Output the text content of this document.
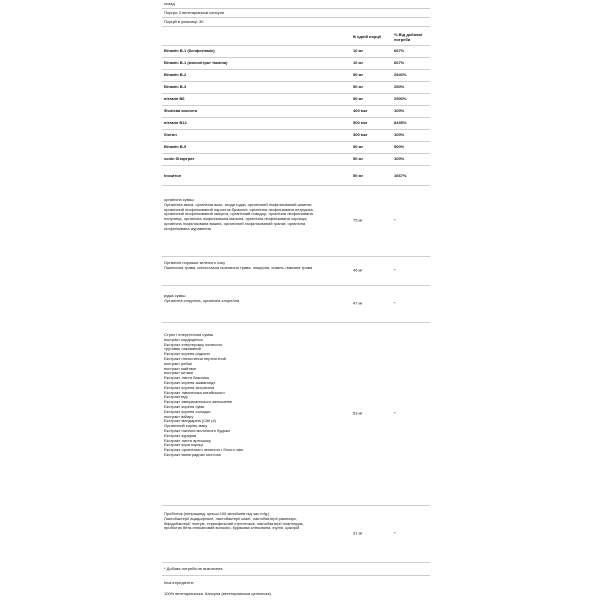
склад
Порція: 2 вегетаріанські капсули
Порцій в упаковці: 30
В одній порції	% Від добової потреби
Вітамін B-1 (бенфотіамін)	10 мг	667%
Вітамін B-1 (мононітрат тіаміна)	10 мг	667%
Вітамін B-2	50 мг	2940%
Вітамін B-3	50 мг	250%
вітамін B6	50 мг	2500%
Фолієва кислота	400 мкг	100%
вітамін B12	500 мкг	8335%
біотин	300 мкг	100%
Вітамін B-5	50 мг	500%
холін бітартрат	50 мг	100%
Інозитол	50 мг	1667%
органічна суміш
Органічна амла, органічна акас, ягоди годжі, органічний ліофілізований шпинат,
органічний ліофілізований паросток брокколі, органічна ліофілізована петрушка,
органічний ліофілізований капуста, органічний помідор, органічна ліофілізована
полуниця, органічна ліофілізована малина, органічна ліофілізована чорниця,
органічна ліофілізована вишня, органічний ліофілізований гранат, органічна
ліофілізована журавлина
75 мг	*
Органічні порошки зеленого соку
Пшенична трава, спічестаьна пшенична трава, люцерна, ячмінь і вівсяна трава
46 мг	*
рідка суміш
Органічна спіруліна, органічна хлорелла
47 мг	*
Стрес і енергетична суміш
екстракт кордицепса
Екстракт елеутерокку колючого
трутовик лакований
Екстракт кореня родіоли
Екстракт гінкостинии пертлістной
екстракт рейші
екстракт майтаке
екстракт шітаке
Екстракт листя базиліка
Екстракт кореня ашвагандх
Екстракт кореня астрагала
Екстракт лимонника китайського
Екстракттеді
Екстракт американського женьшеню
Екстракт кореня суми
Екстракт кореня солодки
екстракт імбиру
Екстракт мандаріна (Citri pl)
Органічний корінь маку
Екстракт насіння молочного будяка
Екстракт куркуми
Екстракт листя артишоку
Екстракт кори кориці
Екстракт органічного зеленого і білого чаю
Екстракт виноградних кісточок
53 мг	*
Пробіотик (непрацевд, ціпьші 100 мільйонів під час mfg.)
Лактобактерії ацидофільні, лактобактерії казеї, лактобактерії рамнозус,
біфідобактерії лонгум, термофільний стрептокок, лактобактерії плантарум,
пробіотик бета-глюкановий волокно, бурякова клітковина, інулін, цикорій
31 мг	*
* Добова потреба не визначена
Інші інгредієнти:
100% вегетаріанська. Капсула (вегетаріанська целюлоза).
